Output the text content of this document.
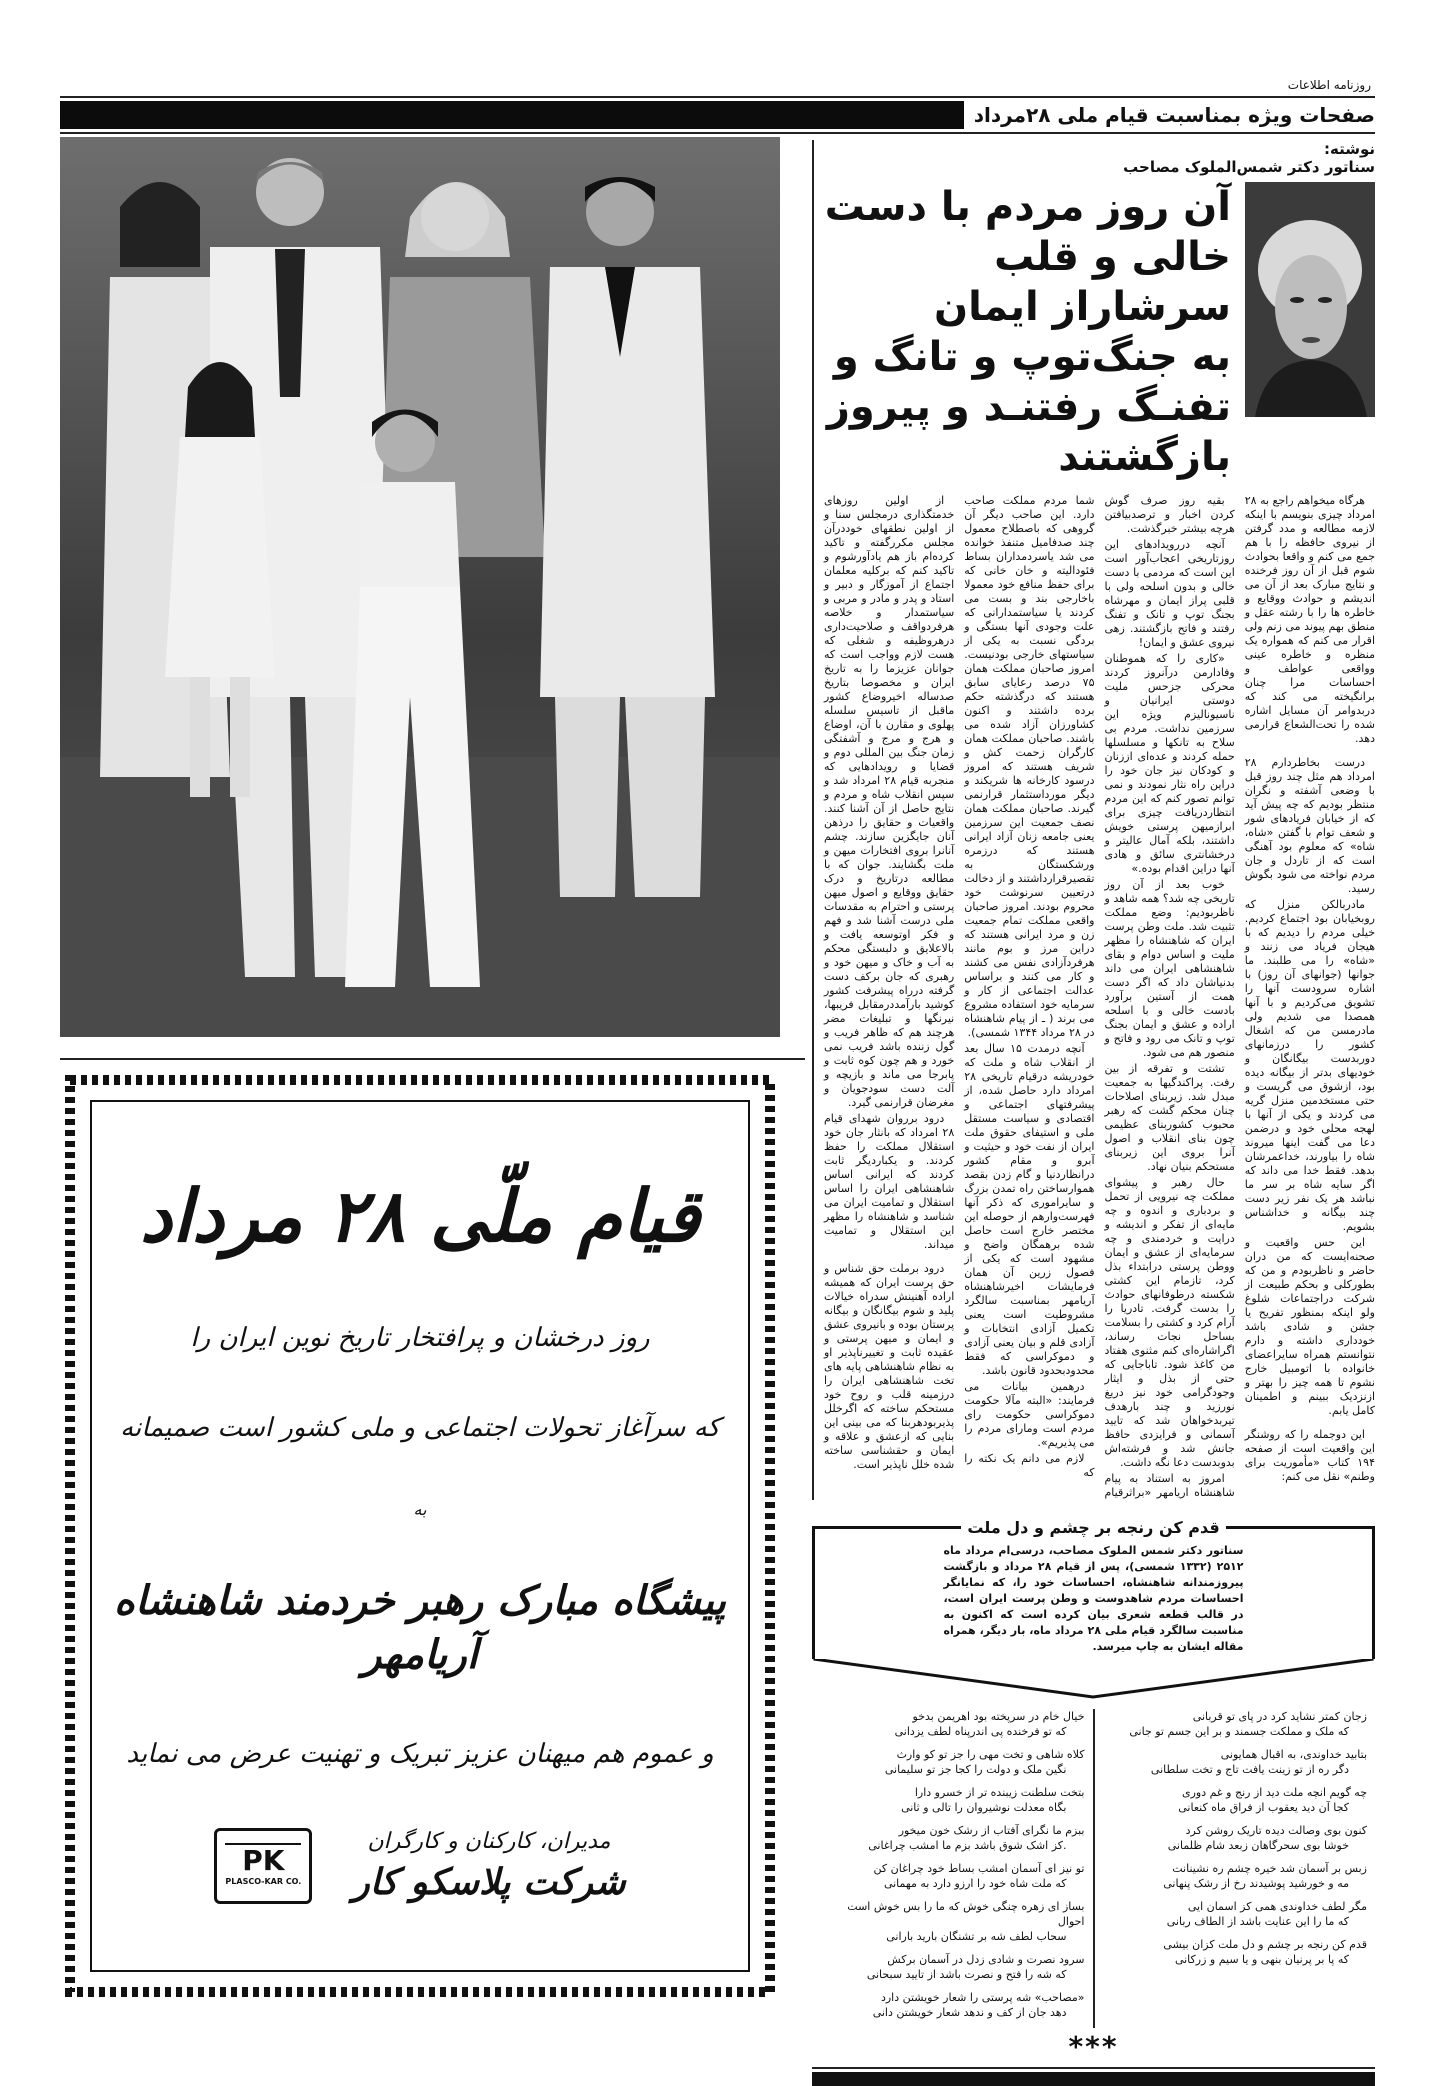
روزنامه اطلاعات
صفحات ویژه بمناسبت قیام ملی ۲۸مرداد
نوشته:
سناتور دکتر شمس‌الملوک مصاحب
آن روز مردم با دست
خالی و قلب سرشاراز ایمان
به جنگ‌توپ و تانگ و
تفنـگ رفتنـد و پیروز
بازگشتند

هرگاه میخواهم راجع به ۲۸ امرداد چیزی بنویسم با اینکه لازمه مطالعه و مدد گرفتن از نیروی حافظه را با هم جمع می کنم و واقعا بحوادث شوم قبل از آن روز فرخنده و نتایج مبارک بعد از آن می اندیشم و حوادث ووقایع و خاطره ها را با رشته عقل و منطق بهم پیوند می زنم ولی اقرار می کنم که همواره یک منظره و خاطره عینی وواقعی عواطف و احساسات مرا چنان برانگیخته می کند که دربدوامر آن مسایل اشاره شده را تحت‌الشعاع قرارمی دهد.

درست بخاطردارم ۲۸ امرداد هم مثل چند روز قبل با وضعی آشفته و نگران منتظر بودیم که چه پیش آید که از خیابان فریادهای شور و شعف توام با گفتن «شاه، شاه» که معلوم بود آهنگی است که از تاردل و جان مردم نواخته می شود بگوش رسید.

مادربالکن منزل که روبخیابان بود اجتماع کردیم. خیلی مردم را دیدیم که با هیجان فریاد می زنند و «شاه» را می طلبند. ما جوانها (جوانهای آن روز) با اشاره سرودست آنها را تشویق می‌کردیم و با آنها همصدا می شدیم ولی مادرمسن من که اشغال کشور را درزمانهای دوربدست بیگانگان و خودیهای بدتر از بیگانه دیده بود، ازشوق می گریست و حتی مستخدمین منزل گریه می کردند و یکی از آنها با لهجه محلی خود و درضمن دعا می گفت اینها میروند شاه را بیاورند، خداعمرشان بدهد. فقط خدا می داند که اگر سایه شاه بر سر ما نباشد هر یک نفر زیر دست چند بیگانه و خداشناس بشویم.

این حس واقعیت و صحنه‌ایست که من دران حاضر و ناظربودم و من که بطورکلی و بحکم طبیعت از شرکت دراجتماعات شلوغ ولو اینکه بمنظور تفریح یا جشن و شادی باشد خودداری داشته و دارم نتوانستم همراه سایراعضای خانواده با اتومبیل خارج نشوم تا همه چیز را بهتر و ازنزدیک ببینم و اطمینان کامل یابم.

این دوجمله را که روشنگر این واقعیت است از صفحه ۱۹۴ کتاب «مأموریت برای وطنم» نقل می کنم:

بقیه روز صرف گوش کردن اخبار و ترصدبیافتن هرچه بیشتر خبرگذشت.

آنچه دررویدادهای این روزتاریخی اعجاب‌آور است این است که مردمی با دست خالی و بدون اسلحه ولی با قلبی پراز ایمان و مهرشاه بجنگ توپ و تانک و تفنگ رفتند و فاتح بازگشتند. زهی نیروی عشق و ایمان!

«کاری را که هموطنان وفادارمن درآنروز کردند محرکی جزحس ملیت دوستی ایرانیان و ناسیونالیزم ویژه این سرزمین نداشت. مردم بی سلاح به تانکها و مسلسلها حمله کردند و عده‌ای اززنان و کودکان نیز جان خود را دراین راه نثار نمودند و نمی توانم تصور کنم که این مردم انتظاردریافت چیزی برای ابرازمیهن پرستی خویش داشتند، بلکه آمال عالیتر و درخشانتری سائق و هادی آنها دراین اقدام بوده.»

خوب بعد از آن روز تاریخی چه شد؟ همه شاهد و ناظربودیم: وضع مملکت تثبیت شد. ملت وطن پرست ایران که شاهنشاه را مظهر ملیت و اساس دوام و بقای شاهنشاهی ایران می داند بدنیاشان داد که اگر دست همت از آستین برآورد بادست خالی و با اسلحه اراده و عشق و ایمان بجنگ توپ و تانک می رود و فاتح و منصور هم می شود.

تشتت و تفرقه از بین رفت. پراکندگیها به جمعیت مبدل شد. زیربنای اصلاحات چنان محکم گشت که رهبر محبوب کشوربنای عظیمی چون بنای انقلاب و اصول آنرا بروی این زیربنای مستحکم بنیان نهاد.

حال رهبر و پیشوای مملکت چه نیرویی از تحمل و بردباری و اندوه و چه مایه‌ای از تفکر و اندیشه و درایت و خردمندی و چه سرمایه‌ای از عشق و ایمان ووطن پرستی درابتداء بذل کرد، تازمام این کشتی شکسته درطوفانهای حوادث را بدست گرفت. تادریا را آرام کرد و کشتی را بسلامت بساحل نجات رساند، اگراشاره‌ای کنم مثنوی هفتاد من کاغذ شود. تاباجایی که حتی از بذل و ایثار وجودگرامی خود نیز دریغ نورزید و چند بارهدف تیربدخواهان شد که تایید آسمانی و فرایزدی حافظ جانش شد و فرشته‌اش بدوبدست دعا نگه داشت.

امروز به استناد به پیام شاهنشاه اریامهر «براثرقیام شما مردم مملکت صاحب دارد. این صاحب دیگر آن گروهی که باصطلاح معمول چند صدفامیل متنفذ خوانده می شد یاسردمداران بساط فئودالیته و خان خانی که برای حفظ منافع خود معمولا باخارجی بند و بست می کردند یا سیاستمدارانی که علت وجودی آنها بستگی و بردگی نسبت به یکی از سیاستهای خارجی بودنیست. امروز صاحبان مملکت همان ۷۵ درصد رعایای سابق هستند که درگذشته حکم برده داشتند و اکنون کشاورزان آزاد شده می باشند. صاحبان مملکت همان کارگران زحمت کش و شریف هستند که امروز درسود کارخانه ها شریکند و دیگر مورداستثمار قرارنمی گیرند. صاحبان مملکت همان نصف جمعیت این سرزمین یعنی جامعه زنان آزاد ایرانی هستند که درزمره ورشکستگان به تقصیرقرارداشتند و از دخالت درتعیین سرنوشت خود محروم بودند. امروز صاحبان واقعی مملکت تمام جمعیت زن و مرد ایرانی هستند که دراین مرز و بوم مانند هرفردآزادی نفس می کشند و کار می کنند و براساس عدالت اجتماعی از کار و سرمایه خود استفاده مشروع می برند ( ـ از پیام شاهنشاه در ۲۸ مرداد ۱۳۴۴ شمسی).

آنچه درمدت ۱۵ سال بعد از انقلاب شاه و ملت که خودریشه درقیام تاریخی ۲۸ امرداد دارد حاصل شده، از پیشرفتهای اجتماعی و اقتصادی و سیاست مستقل ملی و استیفای حقوق ملت ایران از نفت خود و حیثیت و آبرو و مقام کشور درانظاردنیا و گام زدن بقصد هموارساختن راه تمدن بزرگ و سایراموری که ذکر آنها فهرست‌وارهم از حوصله این مختصر خارج است حاصل شده برهمگان واضح و مشهود است که یکی از فصول زرین آن همان فرمایشات اخیرشاهنشاه آریامهر بمناسبت سالگرد مشروطیت است یعنی تکمیل آزادی انتخابات و آزادی قلم و بیان یعنی آزادی و دموکراسی که فقط محدودبحدود قانون باشد.

درهمین بیانات می فرمایند: «البته مآلا حکومت دموکراسی حکومت رای مردم است ومارای مردم را می پذیریم».

لازم می دانم یک نکته را که

از اولین روزهای خدمتگذاری درمجلس سنا و از اولین نطقهای خوددرآن مجلس مکررگفته و تاکید کرده‌ام باز هم یادآورشوم و تاکید کنم که برکلیه معلمان اجتماع از آموزگار و دبیر و استاد و پدر و مادر و مربی و سیاستمدار و خلاصه هرفردواقف و صلاحیت‌داری درهروظیفه و شغلی که هست لازم وواجب است که جوانان عزیزما را به تاریخ ایران و مخصوصا بتاریخ صدساله اخیروضاع کشور ماقبل از تاسیس سلسله پهلوی و مقارن با آن، اوضاع و هرج و مرج و آشفتگی زمان جنگ بین المللی دوم و قضایا و رویدادهایی که منجربه قیام ۲۸ امرداد شد و سپس انقلاب شاه و مردم و نتایج حاصل از آن آشنا کنند. واقعیات و حقایق را درذهن آنان جایگزین سازند. چشم آنانرا بروی افتخارات میهن و ملت بگشایند. جوان که با مطالعه درتاریخ و درک حقایق ووقایع و اصول میهن پرستی و احترام به مقدسات ملی درست آشنا شد و فهم و فکر اوتوسعه یافت و بالاعلایق و دلبستگی محکم به آب و خاک و میهن خود و رهبری که جان برکف دست گرفته درراه پیشرفت کشور کوشید بارآمددرمقابل فریبها، نیرنگها و تبلیغات مضر هرچند هم که ظاهر فریب و گول زننده باشد فریب نمی خورد و هم چون کوه ثابت و پابرجا می ماند و بازیچه و آلت دست سودجویان و مغرضان قرارنمی گیرد.

درود برروان شهدای قیام ۲۸ امرداد که بانثار جان خود استقلال مملکت را حفظ کردند. و یکباردیگر ثابت کردند که ایرانی اساس شاهنشاهی ایران را اساس استقلال و تمامیت ایران می شناسد و شاهنشاه را مظهر این استقلال و تمامیت میداند.

درود برملت حق شناس و حق پرست ایران که همیشه اراده آهنینش سدراه خیالات پلید و شوم بیگانگان و بیگانه پرستان بوده و بانیروی عشق و ایمان و میهن پرستی و عقیده ثابت و تغییرناپذیر او به نظام شاهنشاهی پایه های تخت شاهنشاهی ایران را درزمینه قلب و روح خود مستحکم ساخته که اگرخلل پذیربودهربنا که می بینی این بنایی که ازعشق و علاقه و ایمان و حقشناسی ساخته شده خلل ناپذیر است.

قدم کن رنجه بر چشم و دل ملت
سناتور دکتر شمس الملوک مصاحب، درسی‌ام مرداد ماه ۲۵۱۲ (۱۳۳۲ شمسی)، پس از قیام ۲۸ مرداد و بازگشت پیروزمندانه شاهنشاه، احساسات خود را، که نمایانگر احساسات مردم شاهدوست و وطن پرست ایران است، در قالب قطعه شعری بیان کرده است که اکنون به مناسبت سالگرد قیام ملی ۲۸ مرداد ماه، بار دیگر، همراه مقاله ایشان به چاپ میرسد.
زجان کمتر نشاید کرد در پای تو قربانی
که ملک و مملکت جسمند و بر این جسم تو جانی
بتابید خداوندی، به اقبال همایونی
دگر ره از تو زینت یافت تاج و تخت سلطانی
چه گویم انچه ملت دید از رنج و غم دوری
کجا آن دید یعقوب از فراق ماه کنعانی
کنون بوی وصالت دیده تاریک روشن کرد
خوشا بوی سحرگاهان زبعد شام ظلمانی
زبس بر آسمان شد خیره چشم ره نشینانت
مه و خورشید پوشیدند رخ از رشک پنهانی
مگر لطف خداوندی همی کز اسمان ایی
که ما را این عنایت باشد از الطاف ربانی
قدم کن رنجه بر چشم و دل ملت کزان بیشی
که پا بر پرنیان بنهی و یا سیم و زرکانی
خیال خام در سرپخته بود اهریمن بدخو
که تو فرخنده پی اندرپناه لطف یزدانی
کلاه شاهی و تخت مهی را جز تو کو وارث
نگین ملک و دولت را کجا جز تو سلیمانی
بتخت سلطنت زیبنده تر از خسرو دارا
بگاه معدلت نوشیروان را تالی و ثانی
ببزم ما نگرای آفتاب از رشک خون میخور
.کز اشک شوق باشد بزم ما امشب چراغانی
تو نیز ای آسمان امشب بساط خود چراغان کن
که ملت شاه خود را ارزو دارد به مهمانی
بساز ای زهره چنگی خوش که ما را بس خوش است احوال
سحاب لطف شه بر تشنگان بارید بارانی
سرود نصرت و شادی زدل در آسمان برکش
که شه را فتح و نصرت باشد از تایید سبحانی
«مصاحب» شه پرستی را شعار خویشتن دارد
دهد جان از کف و ندهد شعار خویشتن دانی
***
قیام ملّی ۲۸ مرداد
روز درخشان و پرافتخار تاریخ نوین ایران را
که سرآغاز تحولات اجتماعی و ملی کشور است صمیمانه
به
پیشگاه مبارک رهبر خردمند شاهنشاه آریامهر
و عموم هم میهنان عزیز تبریک و تهنیت عرض می نماید
PK
PLASCO-KAR CO.
مدیران، کارکنان و کارگران
شرکت پلاسکو کار
